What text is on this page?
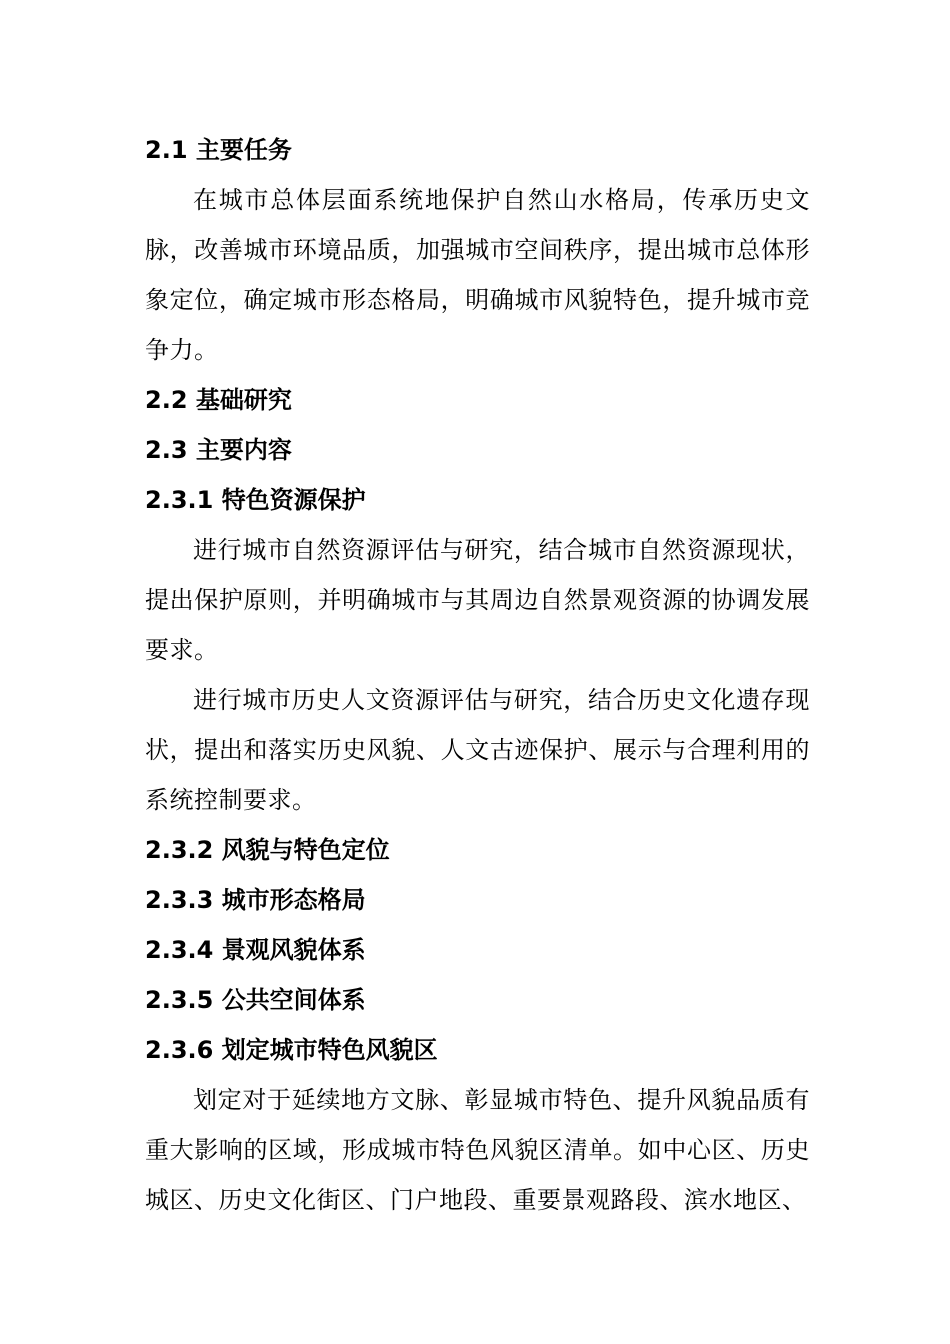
2.1 主要任务
在城市总体层面系统地保护自然山水格局，传承历史文脉，改善城市环境品质，加强城市空间秩序，提出城市总体形象定位，确定城市形态格局，明确城市风貌特色，提升城市竞争力。
2.2 基础研究
2.3 主要内容
2.3.1 特色资源保护
进行城市自然资源评估与研究，结合城市自然资源现状，提出保护原则，并明确城市与其周边自然景观资源的协调发展要求。
进行城市历史人文资源评估与研究，结合历史文化遗存现状，提出和落实历史风貌、人文古迹保护、展示与合理利用的系统控制要求。
2.3.2 风貌与特色定位
2.3.3 城市形态格局
2.3.4 景观风貌体系
2.3.5 公共空间体系
2.3.6 划定城市特色风貌区
划定对于延续地方文脉、彰显城市特色、提升风貌品质有重大影响的区域，形成城市特色风貌区清单。如中心区、历史城区、历史文化街区、门户地段、重要景观路段、滨水地区、
